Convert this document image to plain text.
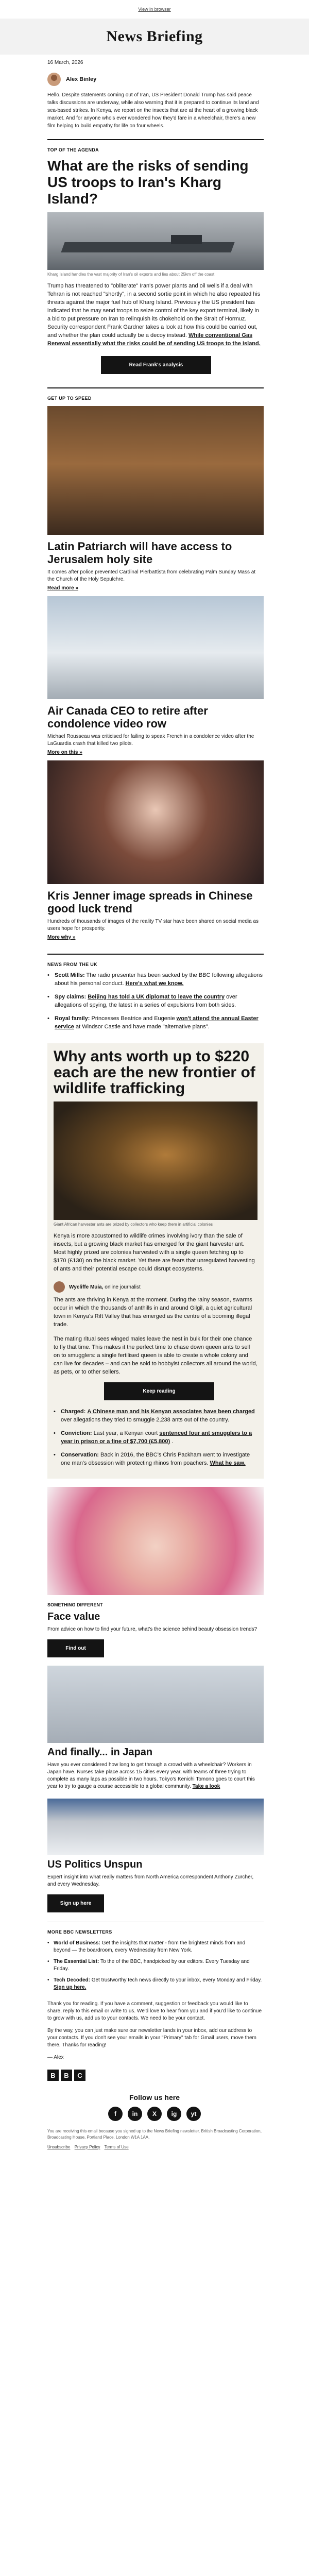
View in browser
News Briefing
16 March, 2026
Alex Binley

Hello. Despite statements coming out of Iran, US President Donald Trump has said peace talks discussions are underway, while also warning that it is prepared to continue its land and sea-based strikes. In Kenya, we report on the insects that are at the heart of a growing black market. And for anyone who's ever wondered how they'd fare in a wheelchair, there's a new film helping to build empathy for life on four wheels.

TOP OF THE AGENDA
What are the risks of sending US troops to Iran's Kharg Island?
Kharg Island handles the vast majority of Iran's oil exports and lies about 25km off the coast

Trump has threatened to "obliterate" Iran's power plants and oil wells if a deal with Tehran is not reached "shortly", in a second sortie point in which he also repeated his threats against the major fuel hub of Kharg Island. Previously the US president has indicated that he may send troops to seize control of the key export terminal, likely in a bid to put pressure on Iran to relinquish its chokehold on the Strait of Hormuz. Security correspondent Frank Gardner takes a look at how this could be carried out, and whether the plan could actually be a decoy instead. While conventional Gas Renewal essentially what the risks could be of sending US troops to the island.

Read Frank's analysis
GET UP TO SPEED
Latin Patriarch will have access to Jerusalem holy site

It comes after police prevented Cardinal Pierbattista from celebrating Palm Sunday Mass at the Church of the Holy Sepulchre.

Read more »
Air Canada CEO to retire after condolence video row

Michael Rousseau was criticised for failing to speak French in a condolence video after the LaGuardia crash that killed two pilots.

More on this »
Kris Jenner image spreads in Chinese good luck trend

Hundreds of thousands of images of the reality TV star have been shared on social media as users hope for prosperity.

More why »
NEWS FROM THE UK
• Scott Mills: The radio presenter has been sacked by the BBC following allegations about his personal conduct. Here's what we know.
• Spy claims: Beijing has told a UK diplomat to leave the country over allegations of spying, the latest in a series of expulsions from both sides.
• Royal family: Princesses Beatrice and Eugenie won't attend the annual Easter service at Windsor Castle and have made "alternative plans".
Why ants worth up to $220 each are the new frontier of wildlife trafficking
Giant African harvester ants are prized by collectors who keep them in artificial colonies

Kenya is more accustomed to wildlife crimes involving ivory than the sale of insects, but a growing black market has emerged for the giant harvester ant. Most highly prized are colonies harvested with a single queen fetching up to $170 (£130) on the black market. Yet there are fears that unregulated harvesting of ants and their potential escape could disrupt ecosystems.

Wycliffe Muia, online journalist

The ants are thriving in Kenya at the moment. During the rainy season, swarms occur in which the thousands of anthills in and around Gilgil, a quiet agricultural town in Kenya's Rift Valley that has emerged as the centre of a booming illegal trade.

The mating ritual sees winged males leave the nest in bulk for their one chance to fly that time. This makes it the perfect time to chase down queen ants to sell on to smugglers: a single fertilised queen is able to create a whole colony and can live for decades – and can be sold to hobbyist collectors all around the world, as pets, or to other sellers.

Keep reading
• Charged: A Chinese man and his Kenyan associates have been charged over allegations they tried to smuggle 2,238 ants out of the country.
• Conviction: Last year, a Kenyan court sentenced four ant smugglers to a year in prison or a fine of $7,700 (£5,800) .
• Conservation: Back in 2016, the BBC's Chris Packham went to investigate one man's obsession with protecting rhinos from poachers. What he saw.
SOMETHING DIFFERENT
Face value

From advice on how to find your future, what's the science behind beauty obsession trends?

Find out
And finally... in Japan

Have you ever considered how long to get through a crowd with a wheelchair? Workers in Japan have. Nurses take place across 15 cities every year, with teams of three trying to complete as many laps as possible in two hours. Tokyo's Kenichi Tomono goes to court this year to try to gauge a course accessible to a global community. Take a look

US Politics Unspun

Expert insight into what really matters from North America correspondent Anthony Zurcher, and every Wednesday.

Sign up here
MORE BBC NEWSLETTERS
• World of Business: Get the insights that matter - from the brightest minds from and beyond — the boardroom, every Wednesday from New York.
• The Essential List: To the of the BBC, handpicked by our editors. Every Tuesday and Friday.
• Tech Decoded: Get trustworthy tech news directly to your inbox, every Monday and Friday. Sign up here.

Thank you for reading. If you have a comment, suggestion or feedback you would like to share, reply to this email or write to us. We'd love to hear from you and if you'd like to continue to grow with us, add us to your contacts. We need to be your contact.

By the way, you can just make sure our newsletter lands in your inbox, add our address to your contacts. If you don't see your emails in your "Primary" tab for Gmail users, move them there. Thanks for reading!

— Alex

B	B	C
Follow us here
f	in	X	ig	yt

You are receiving this email because you signed up to the News Briefing newsletter. British Broadcasting Corporation, Broadcasting House, Portland Place, London W1A 1AA.

Unsubscribe Privacy Policy Terms of Use
